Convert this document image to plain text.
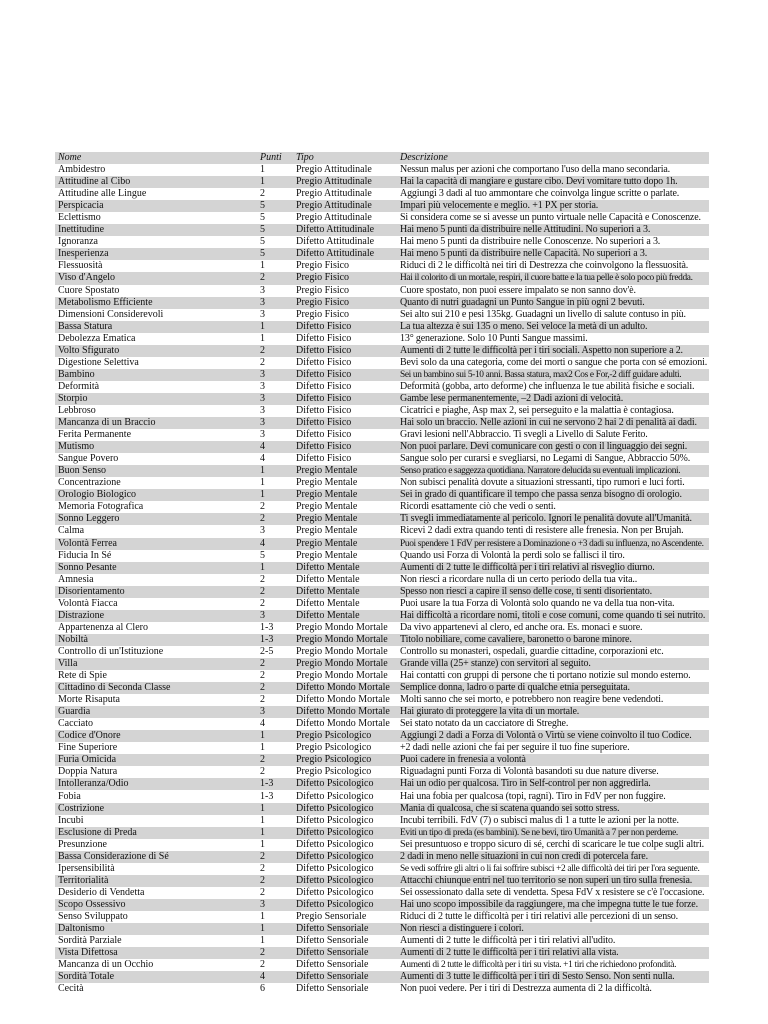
Nome	Punti	Tipo	Descrizione
Ambidestro	1	Pregio Attitudinale	Nessun malus per azioni che comportano l'uso della mano secondaria.
Attitudine al Cibo	1	Pregio Attitudinale	Hai la capacità di mangiare e gustare cibo. Devi vomitare tutto dopo 1h.
Attitudine alle Lingue	2	Pregio Attitudinale	Aggiungi 3 dadi al tuo ammontare che coinvolga lingue scritte o parlate.
Perspicacia	5	Pregio Attitudinale	Impari più velocemente e meglio. +1 PX per storia.
Eclettismo	5	Pregio Attitudinale	Si considera come se si avesse un punto virtuale nelle Capacità e Conoscenze.
Inettitudine	5	Difetto Attitudinale	Hai meno 5 punti da distribuire nelle Attitudini. No superiori a 3.
Ignoranza	5	Difetto Attitudinale	Hai meno 5 punti da distribuire nelle Conoscenze. No superiori a 3.
Inesperienza	5	Difetto Attitudinale	Hai meno 5 punti da distribuire nelle Capacità. No superiori a 3.
Flessuosità	1	Pregio Fisico	Riduci di 2 le difficoltà nei tiri di Destrezza che coinvolgono la flessuosità.
Viso d'Angelo	2	Pregio Fisico	Hai il colorito di un mortale, respiri, il cuore batte e la tua pelle è solo poco più fredda.
Cuore Spostato	3	Pregio Fisico	Cuore spostato, non puoi essere impalato se non sanno dov'è.
Metabolismo Efficiente	3	Pregio Fisico	Quanto di nutri guadagni un Punto Sangue in più ogni 2 bevuti.
Dimensioni Considerevoli	3	Pregio Fisico	Sei alto sui 210 e pesi 135kg. Guadagni un livello di salute contuso in più.
Bassa Statura	1	Difetto Fisico	La tua altezza è sui 135 o meno. Sei veloce la metà di un adulto.
Debolezza Ematica	1	Difetto Fisico	13° generazione. Solo 10 Punti Sangue massimi.
Volto Sfigurato	2	Difetto Fisico	Aumenti di 2 tutte le difficoltà per i tiri sociali. Aspetto non superiore a 2.
Digestione Selettiva	2	Difetto Fisico	Bevi solo da una categoria, come dei morti o sangue che porta con sé emozioni.
Bambino	3	Difetto Fisico	Sei un bambino sui 5-10 anni. Bassa statura, max2 Cos e For,-2 diff guidare adulti.
Deformità	3	Difetto Fisico	Deformità (gobba, arto deforme) che influenza le tue abilità fisiche e sociali.
Storpio	3	Difetto Fisico	Gambe lese permanentemente, –2 Dadi azioni di velocità.
Lebbroso	3	Difetto Fisico	Cicatrici e piaghe, Asp max 2, sei perseguito e la malattia è contagiosa.
Mancanza di un Braccio	3	Difetto Fisico	Hai solo un braccio. Nelle azioni in cui ne servono 2 hai 2 di penalità ai dadi.
Ferita Permanente	3	Difetto Fisico	Gravi lesioni nell'Abbraccio. Ti svegli a Livello di Salute Ferito.
Mutismo	4	Difetto Fisico	Non puoi parlare. Devi comunicare con gesti o con il linguaggio dei segni.
Sangue Povero	4	Difetto Fisico	Sangue solo per curarsi e svegliarsi, no Legami di Sangue, Abbraccio 50%.
Buon Senso	1	Pregio Mentale	Senso pratico e saggezza quotidiana. Narratore delucida su eventuali implicazioni.
Concentrazione	1	Pregio Mentale	Non subisci penalità dovute a situazioni stressanti, tipo rumori e luci forti.
Orologio Biologico	1	Pregio Mentale	Sei in grado di quantificare il tempo che passa senza bisogno di orologio.
Memoria Fotografica	2	Pregio Mentale	Ricordi esattamente ciò che vedi o senti.
Sonno Leggero	2	Pregio Mentale	Ti svegli immediatamente al pericolo. Ignori le penalità dovute all'Umanità.
Calma	3	Pregio Mentale	Ricevi 2 dadi extra quando tenti di resistere alle frenesia. Non per Brujah.
Volontà Ferrea	4	Pregio Mentale	Puoi spendere 1 FdV per resistere a Dominazione o +3 dadi su influenza, no Ascendente.
Fiducia In Sé	5	Pregio Mentale	Quando usi Forza di Volontà la perdi solo se fallisci il tiro.
Sonno Pesante	1	Difetto Mentale	Aumenti di 2 tutte le difficoltà per i tiri relativi al risveglio diurno.
Amnesia	2	Difetto Mentale	Non riesci a ricordare nulla di un certo periodo della tua vita..
Disorientamento	2	Difetto Mentale	Spesso non riesci a capire il senso delle cose, ti senti disorientato.
Volontà Fiacca	2	Difetto Mentale	Puoi usare la tua Forza di Volontà solo quando ne va della tua non-vita.
Distrazione	3	Difetto Mentale	Hai difficoltà a ricordare nomi, titoli e cose comuni, come quando ti sei nutrito.
Appartenenza al Clero	1-3	Pregio Mondo Mortale	Da vivo appartenevi al clero, ed anche ora. Es. monaci e suore.
Nobiltà	1-3	Pregio Mondo Mortale	Titolo nobiliare, come cavaliere, baronetto o barone minore.
Controllo di un'Istituzione	2-5	Pregio Mondo Mortale	Controllo su monasteri, ospedali, guardie cittadine, corporazioni etc.
Villa	2	Pregio Mondo Mortale	Grande villa (25+ stanze) con servitori al seguito.
Rete di Spie	2	Pregio Mondo Mortale	Hai contatti con gruppi di persone che ti portano notizie sul mondo esterno.
Cittadino di Seconda Classe	2	Difetto Mondo Mortale	Semplice donna, ladro o parte di qualche etnia perseguitata.
Morte Risaputa	2	Difetto Mondo Mortale	Molti sanno che sei morto, e potrebbero non reagire bene vedendoti.
Guardia	3	Difetto Mondo Mortale	Hai giurato di proteggere la vita di un mortale.
Cacciato	4	Difetto Mondo Mortale	Sei stato notato da un cacciatore di Streghe.
Codice d'Onore	1	Pregio Psicologico	Aggiungi 2 dadi a Forza di Volontà o Virtù se viene coinvolto il tuo Codice.
Fine Superiore	1	Pregio Psicologico	+2 dadi nelle azioni che fai per seguire il tuo fine superiore.
Furia Omicida	2	Pregio Psicologico	Puoi cadere in frenesia a volontà
Doppia Natura	2	Pregio Psicologico	Riguadagni punti Forza di Volontà basandoti su due nature diverse.
Intolleranza/Odio	1-3	Difetto Psicologico	Hai un odio per qualcosa. Tiro in Self-control per non aggredirla.
Fobia	1-3	Difetto Psicologico	Hai una fobia per qualcosa (topi, ragni). Tiro in FdV per non fuggire.
Costrizione	1	Difetto Psicologico	Mania di qualcosa, che si scatena quando sei sotto stress.
Incubi	1	Difetto Psicologico	Incubi terribili. FdV (7) o subisci malus di 1 a tutte le azioni per la notte.
Esclusione di Preda	1	Difetto Psicologico	Eviti un tipo di preda (es bambini). Se ne bevi, tiro Umanità a 7 per non perderne.
Presunzione	1	Difetto Psicologico	Sei presuntuoso e troppo sicuro di sé, cerchi di scaricare le tue colpe sugli altri.
Bassa Considerazione di Sé	2	Difetto Psicologico	2 dadi in meno nelle situazioni in cui non credi di potercela fare.
Ipersensibilità	2	Difetto Psicologico	Se vedi soffrire gli altri o li fai soffrire subisci +2 alle difficoltà dei tiri per l'ora seguente.
Territorialità	2	Difetto Psicologico	Attacchi chiunque entri nel tuo territorio se non superi un tiro sulla frenesia.
Desiderio di Vendetta	2	Difetto Psicologico	Sei ossessionato dalla sete di vendetta. Spesa FdV x resistere se c'è l'occasione.
Scopo Ossessivo	3	Difetto Psicologico	Hai uno scopo impossibile da raggiungere, ma che impegna tutte le tue forze.
Senso Sviluppato	1	Pregio Sensoriale	Riduci di 2 tutte le difficoltà per i tiri relativi alle percezioni di un senso.
Daltonismo	1	Difetto Sensoriale	Non riesci a distinguere i colori.
Sordità Parziale	1	Difetto Sensoriale	Aumenti di 2 tutte le difficoltà per i tiri relativi all'udito.
Vista Difettosa	2	Difetto Sensoriale	Aumenti di 2 tutte le difficoltà per i tiri relativi alla vista.
Mancanza di un Occhio	2	Difetto Sensoriale	Aumenti di 2 tutte le difficoltà per i tiri su vista. +1 tiri che richiedono profondità.
Sordità Totale	4	Difetto Sensoriale	Aumenti di 3 tutte le difficoltà per i tiri di Sesto Senso. Non senti nulla.
Cecità	6	Difetto Sensoriale	Non puoi vedere. Per i tiri di Destrezza aumenta di 2 la difficoltà.
